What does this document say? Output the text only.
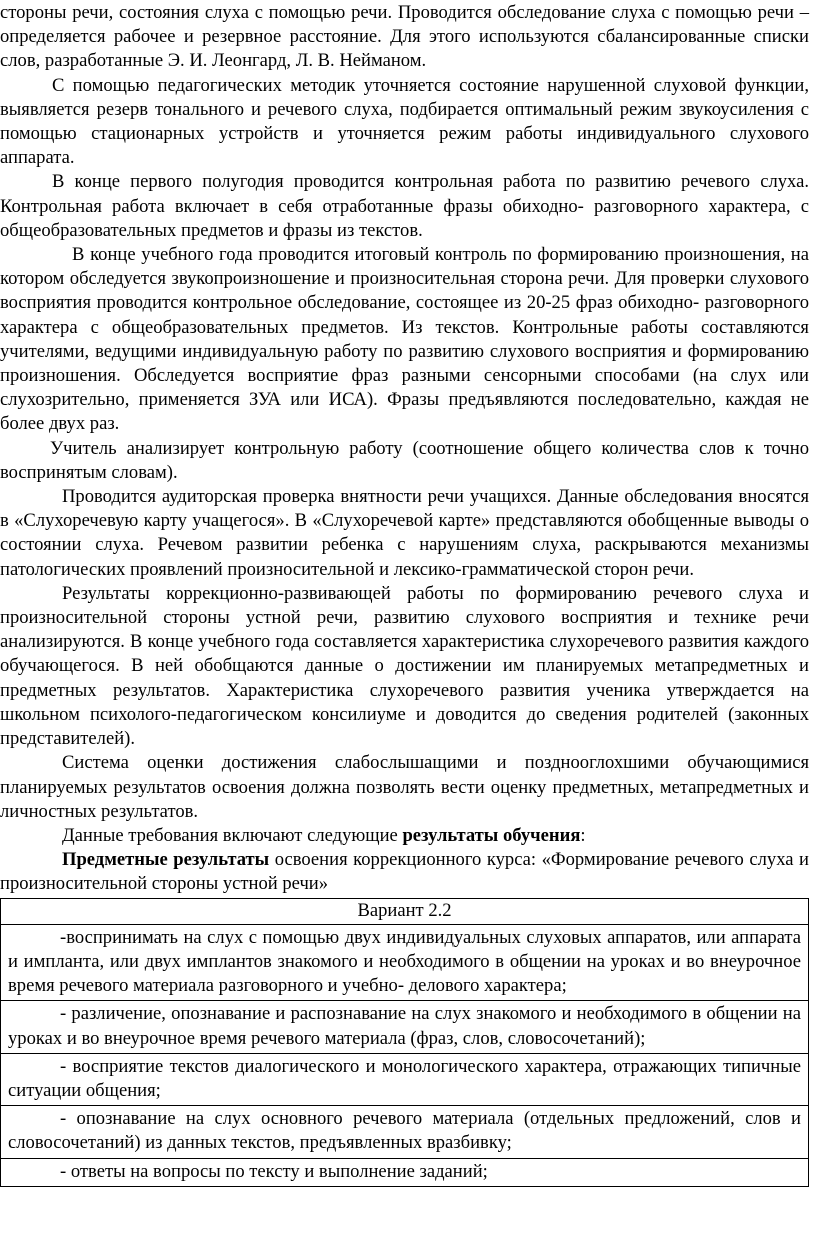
стороны речи, состояния слуха с помощью речи. Проводится обследование слуха с помощью речи – определяется рабочее и резервное расстояние. Для этого используются сбалансированные списки слов, разработанные Э. И. Леонгард, Л. В. Нейманом.

С помощью педагогических методик уточняется состояние нарушенной слуховой функции, выявляется резерв тонального и речевого слуха, подбирается оптимальный режим звукоусиления с помощью стационарных устройств и уточняется режим работы индивидуального слухового аппарата.

В конце первого полугодия проводится контрольная работа по развитию речевого слуха. Контрольная работа включает в себя отработанные фразы обиходно- разговорного характера, с общеобразовательных предметов и фразы из текстов.

В конце учебного года проводится итоговый контроль по формированию произношения, на котором обследуется звукопроизношение и произносительная сторона речи. Для проверки слухового восприятия проводится контрольное обследование, состоящее из 20-25 фраз обиходно- разговорного характера с общеобразовательных предметов. Из текстов. Контрольные работы составляются учителями, ведущими индивидуальную работу по развитию слухового восприятия и формированию произношения. Обследуется восприятие фраз разными сенсорными способами (на слух или слухозрительно, применяется ЗУА или ИСА). Фразы предъявляются последовательно, каждая не более двух раз.

Учитель анализирует контрольную работу (соотношение общего количества слов к точно воспринятым словам).

Проводится аудиторская проверка внятности речи учащихся. Данные обследования вносятся в «Слухоречевую карту учащегося». В «Слухоречевой карте» представляются обобщенные выводы о состоянии слуха. Речевом развитии ребенка с нарушениям слуха, раскрываются механизмы патологических проявлений произносительной и лексико-грамматической сторон речи.

Результаты коррекционно-развивающей работы по формированию речевого слуха и произносительной стороны устной речи, развитию слухового восприятия и технике речи анализируются. В конце учебного года составляется характеристика слухоречевого развития каждого обучающегося. В ней обобщаются данные о достижении им планируемых метапредметных и предметных результатов. Характеристика слухоречевого развития ученика утверждается на школьном психолого-педагогическом консилиуме и доводится до сведения родителей (законных представителей).

Система оценки достижения слабослышащими и позднооглохшими обучающимися планируемых результатов освоения должна позволять вести оценку предметных, метапредметных и личностных результатов.

Данные требования включают следующие результаты обучения:

Предметные результаты освоения коррекционного курса: «Формирование речевого слуха и произносительной стороны устной речи»

Вариант 2.2
-воспринимать на слух с помощью двух индивидуальных слуховых аппаратов, или аппарата и импланта, или двух имплантов знакомого и необходимого в общении на уроках и во внеурочное время речевого материала разговорного и учебно- делового характера;
- различение, опознавание и распознавание на слух знакомого и необходимого в общении на уроках и во внеурочное время речевого материала (фраз, слов, словосочетаний);
- восприятие текстов диалогического и монологического характера, отражающих типичные ситуации общения;
- опознавание на слух основного речевого материала (отдельных предложений, слов и словосочетаний) из данных текстов, предъявленных вразбивку;
- ответы на вопросы по тексту и выполнение заданий;
